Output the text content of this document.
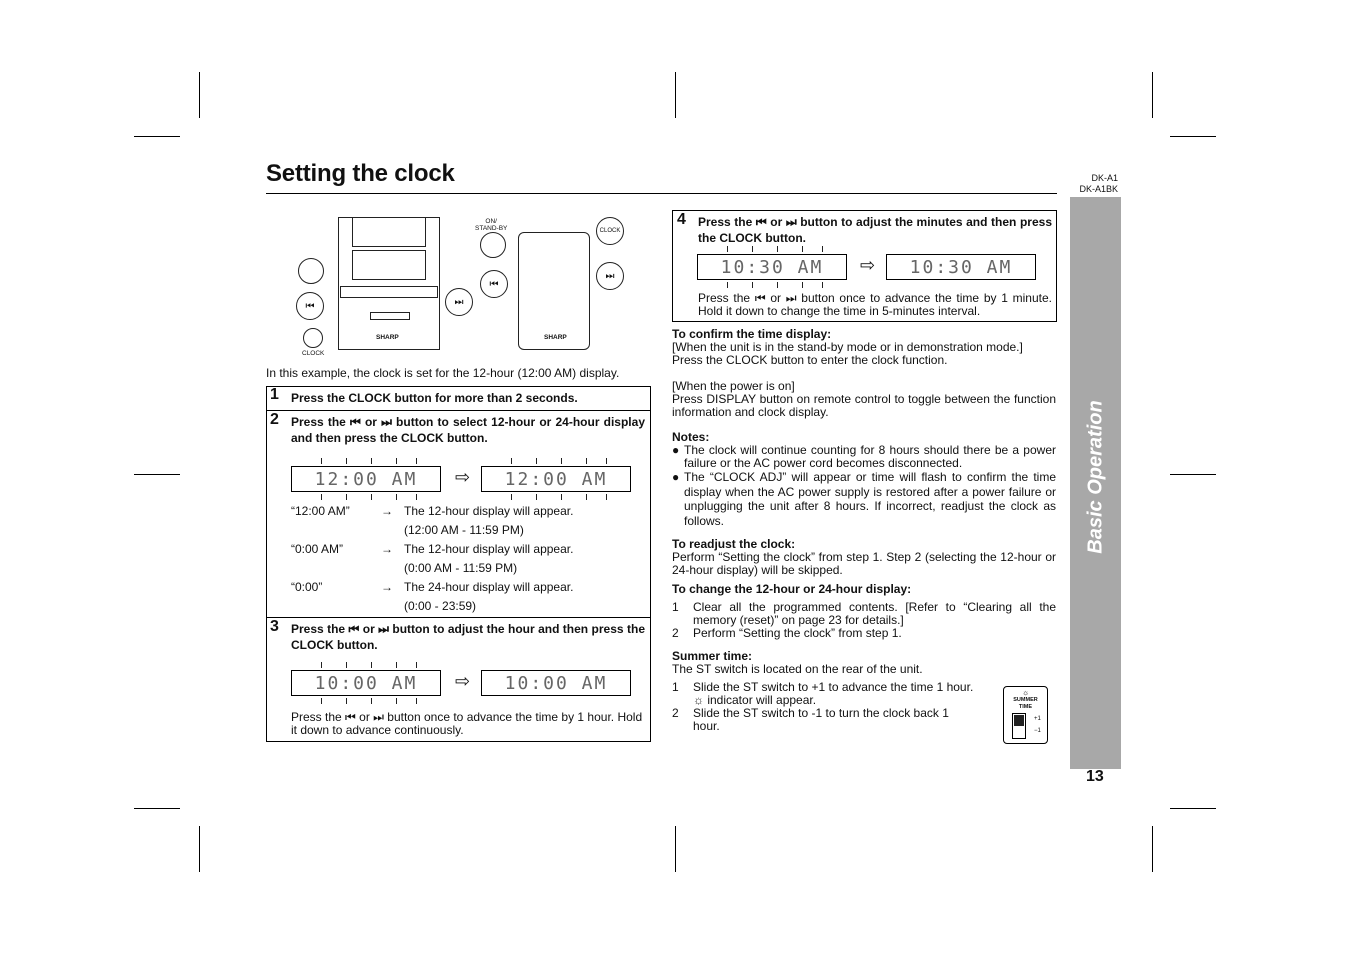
Setting the clock	DK-A1
DK-A1BK
Basic Operation
13
SHARP
⏮	⏭
CLOCK
ON/
STAND-BY
⏮
SHARP
CLOCK
⏭
In this example, the clock is set for the 12-hour (12:00 AM) display.
1 Press the CLOCK button for more than 2 seconds.
2 Press the ⏮ or ⏭ button to select 12-hour or 24-hour display and then press the CLOCK button.
12:00 AM	⇨	12:00 AM
“12:00 AM”	→ The 12-hour display will appear.
(12:00 AM - 11:59 PM)
“0:00 AM”	→ The 12-hour display will appear.
(0:00 AM - 11:59 PM)
“0:00”	→ The 24-hour display will appear.
(0:00 - 23:59)
3 Press the ⏮ or ⏭ button to adjust the hour and then press the CLOCK button.
10:00 AM	⇨	10:00 AM
Press the ⏮ or ⏭ button once to advance the time by 1 hour. Hold it down to advance continuously.
4 Press the ⏮ or ⏭ button to adjust the minutes and then press the CLOCK button.
10:30 AM	⇨	10:30 AM
Press the ⏮ or ⏭ button once to advance the time by 1 minute. Hold it down to change the time in 5-minutes interval.
To confirm the time display:
[When the unit is in the stand-by mode or in demonstration mode.]
Press the CLOCK button to enter the clock function.
[When the power is on]
Press DISPLAY button on remote control to toggle between the function information and clock display.
Notes:
● The clock will continue counting for 8 hours should there be a power failure or the AC power cord becomes disconnected.
● The “CLOCK ADJ” will appear or time will flash to confirm the time display when the AC power supply is restored after a power failure or unplugging the unit after 8 hours. If incorrect, readjust the clock as follows.
To readjust the clock:
Perform “Setting the clock” from step 1. Step 2 (selecting the 12-hour or 24-hour display) will be skipped.
To change the 12-hour or 24-hour display:
1	Clear all the programmed contents. [Refer to “Clearing all the memory (reset)” on page 23 for details.]
2	Perform “Setting the clock” from step 1.
Summer time:
The ST switch is located on the rear of the unit.
1	Slide the ST switch to +1 to advance the time 1 hour.
☼ indicator will appear.
2	Slide the ST switch to -1 to turn the clock back 1 hour.
☼
SUMMER
TIME
+1
−1
